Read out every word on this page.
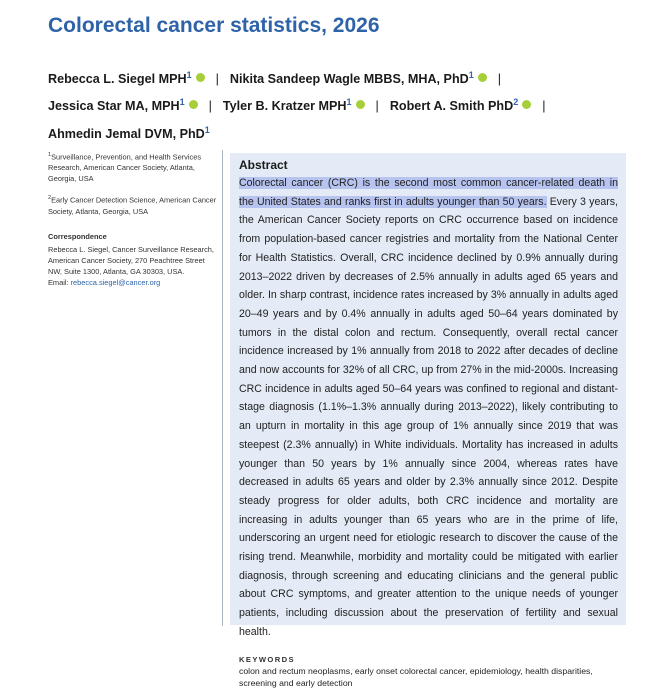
Colorectal cancer statistics, 2026
Rebecca L. Siegel MPH$^1$ | Nikita Sandeep Wagle MBBS, MHA, PhD$^1$ |
Jessica Star MA, MPH$^1$ | Tyler B. Kratzer MPH$^1$ | Robert A. Smith PhD$^2$ |
Ahmedin Jemal DVM, PhD$^1$

$^1$Surveillance, Prevention, and Health Services Research, American Cancer Society, Atlanta, Georgia, USA

$^2$Early Cancer Detection Science, American Cancer Society, Atlanta, Georgia, USA

Correspondence

Rebecca L. Siegel, Cancer Surveillance Research, American Cancer Society, 270 Peachtree Street NW, Suite 1300, Atlanta, GA 30303, USA.

Email: rebecca.siegel@cancer.org

Abstract

Colorectal cancer (CRC) is the second most common cancer-related death in the United States and ranks first in adults younger than 50 years. Every 3 years, the American Cancer Society reports on CRC occurrence based on incidence from population-based cancer registries and mortality from the National Center for Health Statistics. Overall, CRC incidence declined by 0.9% annually during 2013–2022 driven by decreases of 2.5% annually in adults aged 65 years and older. In sharp contrast, incidence rates increased by 3% annually in adults aged 20–49 years and by 0.4% annually in adults aged 50–64 years dominated by tumors in the distal colon and rectum. Consequently, overall rectal cancer incidence increased by 1% annually from 2018 to 2022 after decades of decline and now accounts for 32% of all CRC, up from 27% in the mid-2000s. Increasing CRC incidence in adults aged 50–64 years was confined to regional and distant-stage diagnosis (1.1%–1.3% annually during 2013–2022), likely contributing to an upturn in mortality in this age group of 1% annually since 2019 that was steepest (2.3% annually) in White individuals. Mortality has increased in adults younger than 50 years by 1% annually since 2004, whereas rates have decreased in adults 65 years and older by 2.3% annually since 2012. Despite steady progress for older adults, both CRC incidence and mortality are increasing in adults younger than 65 years who are in the prime of life, underscoring an urgent need for etiologic research to discover the cause of the rising trend. Meanwhile, morbidity and mortality could be mitigated with earlier diagnosis, through screening and educating clinicians and the general public about CRC symptoms, and greater attention to the unique needs of younger patients, including discussion about the preservation of fertility and sexual health.

KEYWORDS

colon and rectum neoplasms, early onset colorectal cancer, epidemiology, health disparities, screening and early detection
